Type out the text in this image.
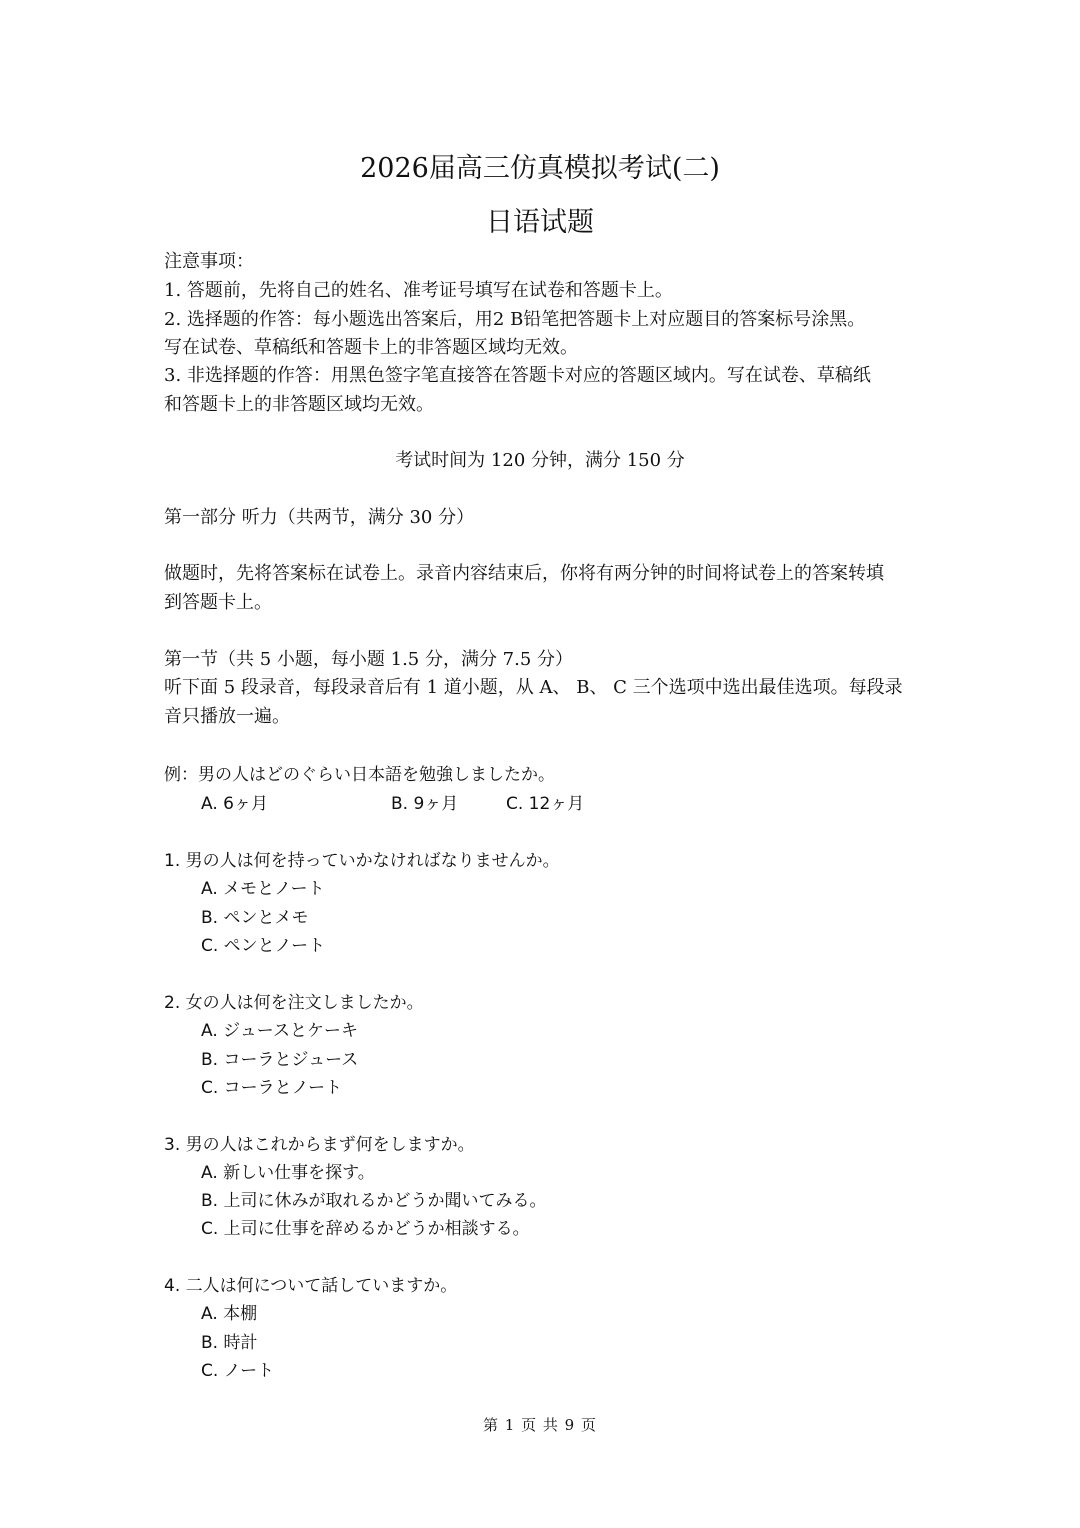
2026届高三仿真模拟考试(二)
日语试题
注意事项：
1. 答题前，先将自己的姓名、准考证号填写在试卷和答题卡上。
2. 选择题的作答：每小题选出答案后，用2 B铅笔把答题卡上对应题目的答案标号涂黑。
写在试卷、草稿纸和答题卡上的非答题区域均无效。
3. 非选择题的作答：用黑色签字笔直接答在答题卡对应的答题区域内。写在试卷、草稿纸
和答题卡上的非答题区域均无效。
考试时间为 120 分钟，满分 150 分
第一部分 听力（共两节，满分 30 分）
做题时，先将答案标在试卷上。录音内容结束后，你将有两分钟的时间将试卷上的答案转填
到答题卡上。
第一节（共 5 小题，每小题 1.5 分，满分 7.5 分）
听下面 5 段录音，每段录音后有 1 道小题，从 A、 B、 C 三个选项中选出最佳选项。每段录
音只播放一遍。
例：男の人はどのぐらい日本語を勉強しましたか。
A. 6ヶ月	B. 9ヶ月	C. 12ヶ月
1. 男の人は何を持っていかなければなりませんか。
A. メモとノート
B. ペンとメモ
C. ペンとノート
2. 女の人は何を注文しましたか。
A. ジュースとケーキ
B. コーラとジュース
C. コーラとノート
3. 男の人はこれからまず何をしますか。
A. 新しい仕事を探す。
B. 上司に休みが取れるかどうか聞いてみる。
C. 上司に仕事を辞めるかどうか相談する。
4. 二人は何について話していますか。
A. 本棚
B. 時計
C. ノート
第 1 页 共 9 页
